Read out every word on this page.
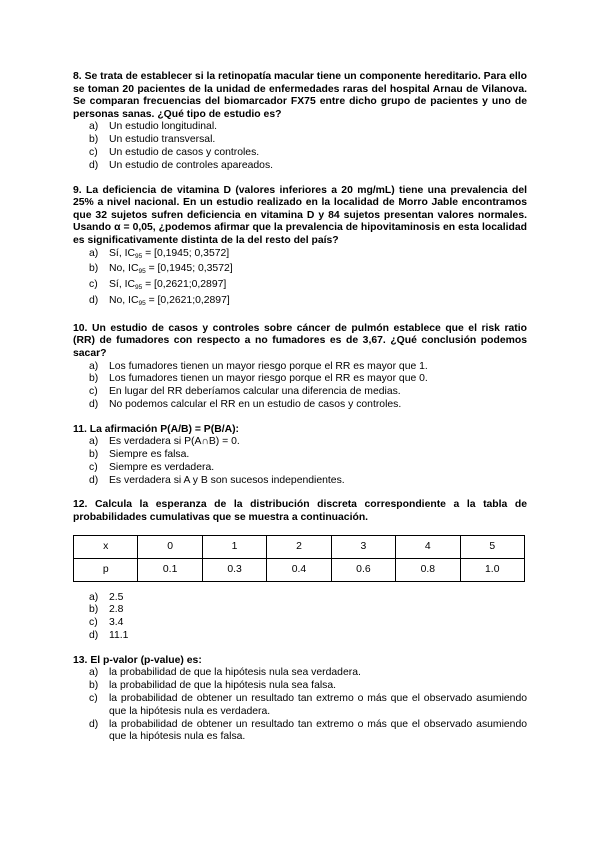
8. Se trata de establecer si la retinopatía macular tiene un componente hereditario. Para ello se toman 20 pacientes de la unidad de enfermedades raras del hospital Arnau de Vilanova. Se comparan frecuencias del biomarcador FX75 entre dicho grupo de pacientes y uno de personas sanas. ¿Qué tipo de estudio es?
a) Un estudio longitudinal.
b) Un estudio transversal.
c) Un estudio de casos y controles.
d) Un estudio de controles apareados.
9. La deficiencia de vitamina D (valores inferiores a 20 mg/mL) tiene una prevalencia del 25% a nivel nacional. En un estudio realizado en la localidad de Morro Jable encontramos que 32 sujetos sufren deficiencia en vitamina D y 84 sujetos presentan valores normales. Usando α = 0,05, ¿podemos afirmar que la prevalencia de hipovitaminosis en esta localidad es significativamente distinta de la del resto del país?
a) Sí, $IC_{95} = [0,1945$; 0,3572]
b) No, $IC_{95} = [0,1945$; 0,3572]
c) Sí, $IC_{95}$ = [0,2621;0,2897]
d) No, $IC_{95}$ = [0,2621;0,2897]
10. Un estudio de casos y controles sobre cáncer de pulmón establece que el risk ratio (RR) de fumadores con respecto a no fumadores es de 3,67. ¿Qué conclusión podemos sacar?
a) Los fumadores tienen un mayor riesgo porque el RR es mayor que 1.
b) Los fumadores tienen un mayor riesgo porque el RR es mayor que 0.
c) En lugar del RR deberíamos calcular una diferencia de medias.
d) No podemos calcular el RR en un estudio de casos y controles.
11. La afirmación P(A/B) = P(B/A):
a) Es verdadera si P(A∩B) = 0.
b) Siempre es falsa.
c) Siempre es verdadera.
d) Es verdadera si A y B son sucesos independientes.
12. Calcula la esperanza de la distribución discreta correspondiente a la tabla de probabilidades cumulativas que se muestra a continuación.
x	0	1	2	3	4	5
p	0.1	0.3	0.4	0.6	0.8	1.0
a) 2.5
b) 2.8
c) 3.4
d) 11.1
13. El p-valor (p-value) es:
a) la probabilidad de que la hipótesis nula sea verdadera.
b) la probabilidad de que la hipótesis nula sea falsa.
c) la probabilidad de obtener un resultado tan extremo o más que el observado asumiendo que la hipótesis nula es verdadera.
d) la probabilidad de obtener un resultado tan extremo o más que el observado asumiendo que la hipótesis nula es falsa.
